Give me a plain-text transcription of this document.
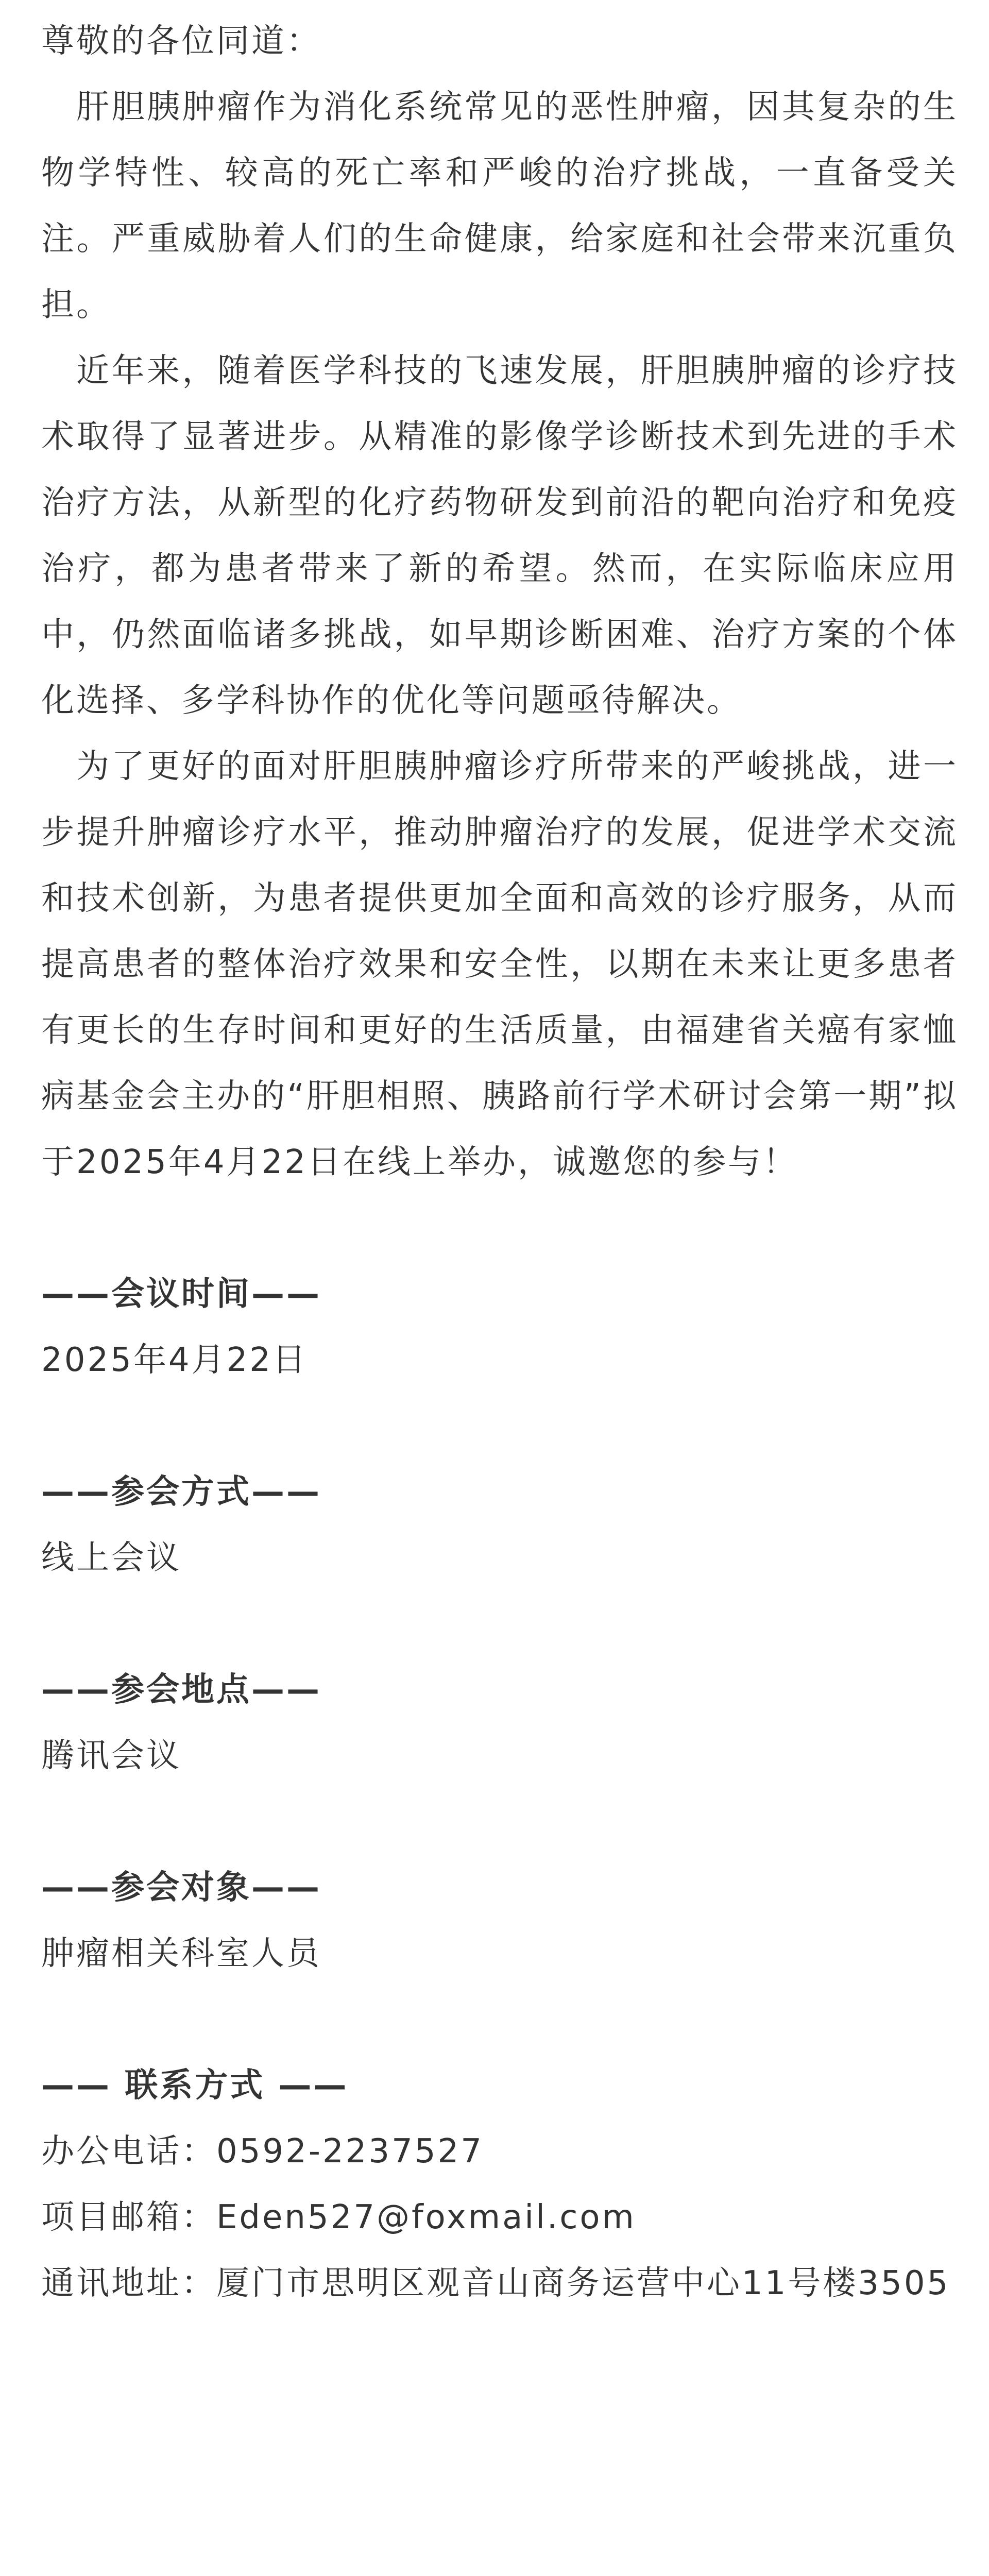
尊敬的各位同道：

肝胆胰肿瘤作为消化系统常见的恶性肿瘤，因其复杂的生物学特性、较高的死亡率和严峻的治疗挑战，一直备受关注。严重威胁着人们的生命健康，给家庭和社会带来沉重负担。

近年来，随着医学科技的飞速发展，肝胆胰肿瘤的诊疗技术取得了显著进步。从精准的影像学诊断技术到先进的手术治疗方法，从新型的化疗药物研发到前沿的靶向治疗和免疫治疗，都为患者带来了新的希望。然而，在实际临床应用中，仍然面临诸多挑战，如早期诊断困难、治疗方案的个体化选择、多学科协作的优化等问题亟待解决。

为了更好的面对肝胆胰肿瘤诊疗所带来的严峻挑战，进一步提升肿瘤诊疗水平，推动肿瘤治疗的发展，促进学术交流和技术创新，为患者提供更加全面和高效的诊疗服务，从而提高患者的整体治疗效果和安全性，以期在未来让更多患者有更长的生存时间和更好的生活质量，由福建省关癌有家恤病基金会主办的“肝胆相照、胰路前行学术研讨会第一期”拟于2025年4月22日在线上举办，诚邀您的参与！

——会议时间——

2025年4月22日

——参会方式——

线上会议

——参会地点——

腾讯会议

——参会对象——

肿瘤相关科室人员

—— 联系方式 ——

办公电话：0592-2237527

项目邮箱：Eden527@foxmail.com

通讯地址：厦门市思明区观音山商务运营中心11号楼3505
